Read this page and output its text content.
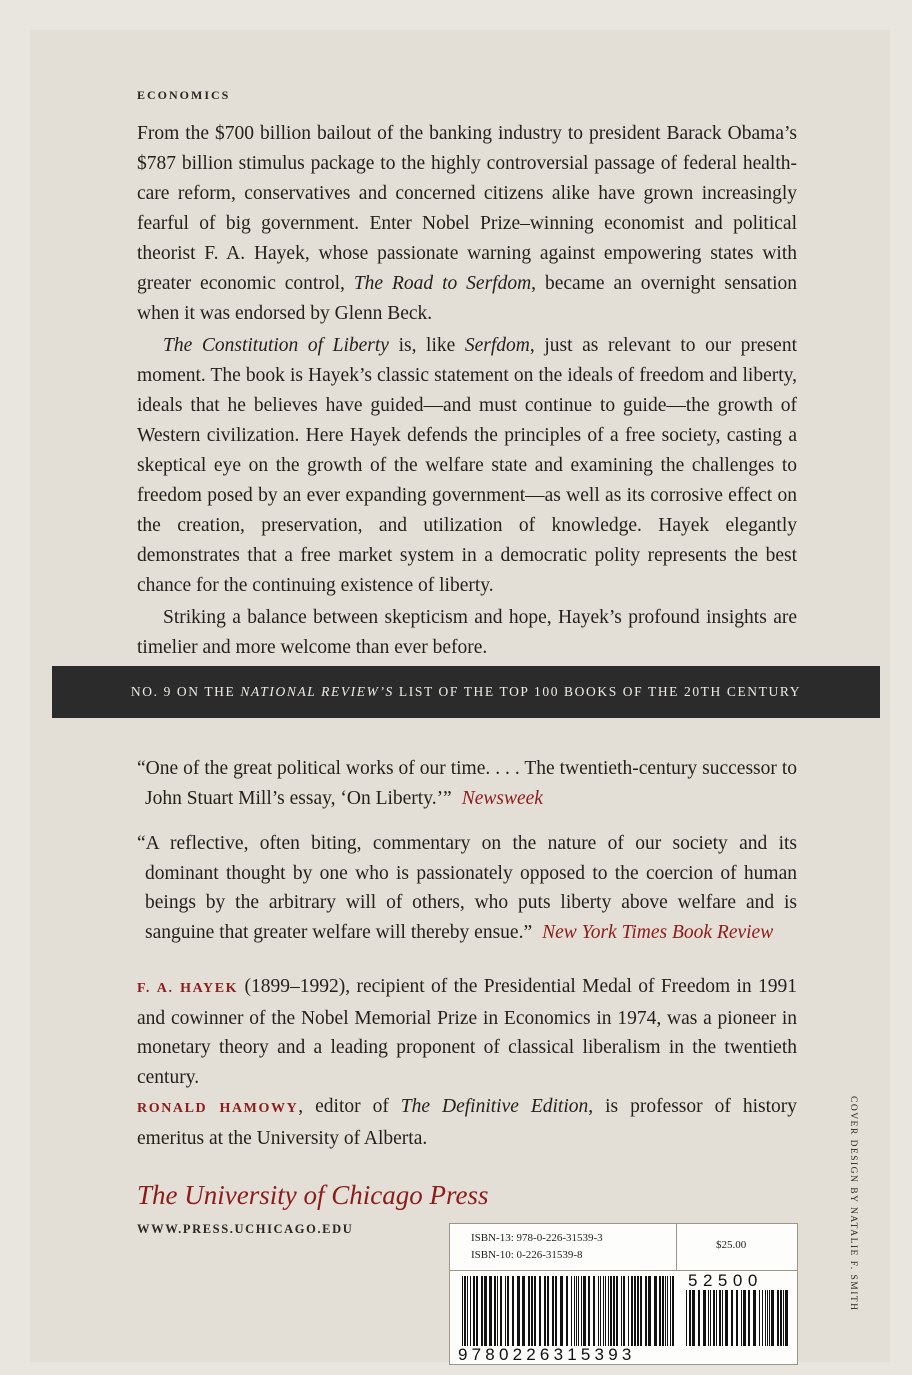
ECONOMICS

From the $700 billion bailout of the banking industry to president Barack Obama’s $787 billion stimulus package to the highly controversial passage of federal health-care reform, conservatives and concerned citizens alike have grown increasingly fearful of big government. Enter Nobel Prize–winning economist and political theorist F. A. Hayek, whose passionate warning against empowering states with greater economic control, The Road to Serfdom, became an overnight sensation when it was endorsed by Glenn Beck.

The Constitution of Liberty is, like Serfdom, just as relevant to our present moment. The book is Hayek’s classic statement on the ideals of freedom and liberty, ideals that he believes have guided—and must continue to guide—the growth of Western civilization. Here Hayek defends the principles of a free society, casting a skeptical eye on the growth of the welfare state and examining the challenges to freedom posed by an ever expanding government—as well as its corrosive effect on the creation, preservation, and utilization of knowledge. Hayek elegantly demonstrates that a free market system in a democratic polity represents the best chance for the continuing existence of liberty.

Striking a balance between skepticism and hope, Hayek’s profound insights are timelier and more welcome than ever before.

NO. 9 ON THE NATIONAL REVIEW’S LIST OF THE TOP 100 BOOKS OF THE 20TH CENTURY

“One of the great political works of our time. . . . The twentieth-century successor to John Stuart Mill’s essay, ‘On Liberty.’” Newsweek

“A reflective, often biting, commentary on the nature of our society and its dominant thought by one who is passionately opposed to the coercion of human beings by the arbitrary will of others, who puts liberty above welfare and is sanguine that greater welfare will thereby ensue.” New York Times Book Review

F. A. HAYEK (1899–1992), recipient of the Presidential Medal of Freedom in 1991 and cowinner of the Nobel Memorial Prize in Economics in 1974, was a pioneer in monetary theory and a leading proponent of classical liberalism in the twentieth century.

RONALD HAMOWY, editor of The Definitive Edition, is professor of history emeritus at the University of Alberta.

The University of Chicago Press
WWW.PRESS.UCHICAGO.EDU
ISBN-13: 978-0-226-31539-3
ISBN-10: 0-226-31539-8
$25.00
9780226315393
52500	COVER DESIGN BY NATALIE F. SMITH
